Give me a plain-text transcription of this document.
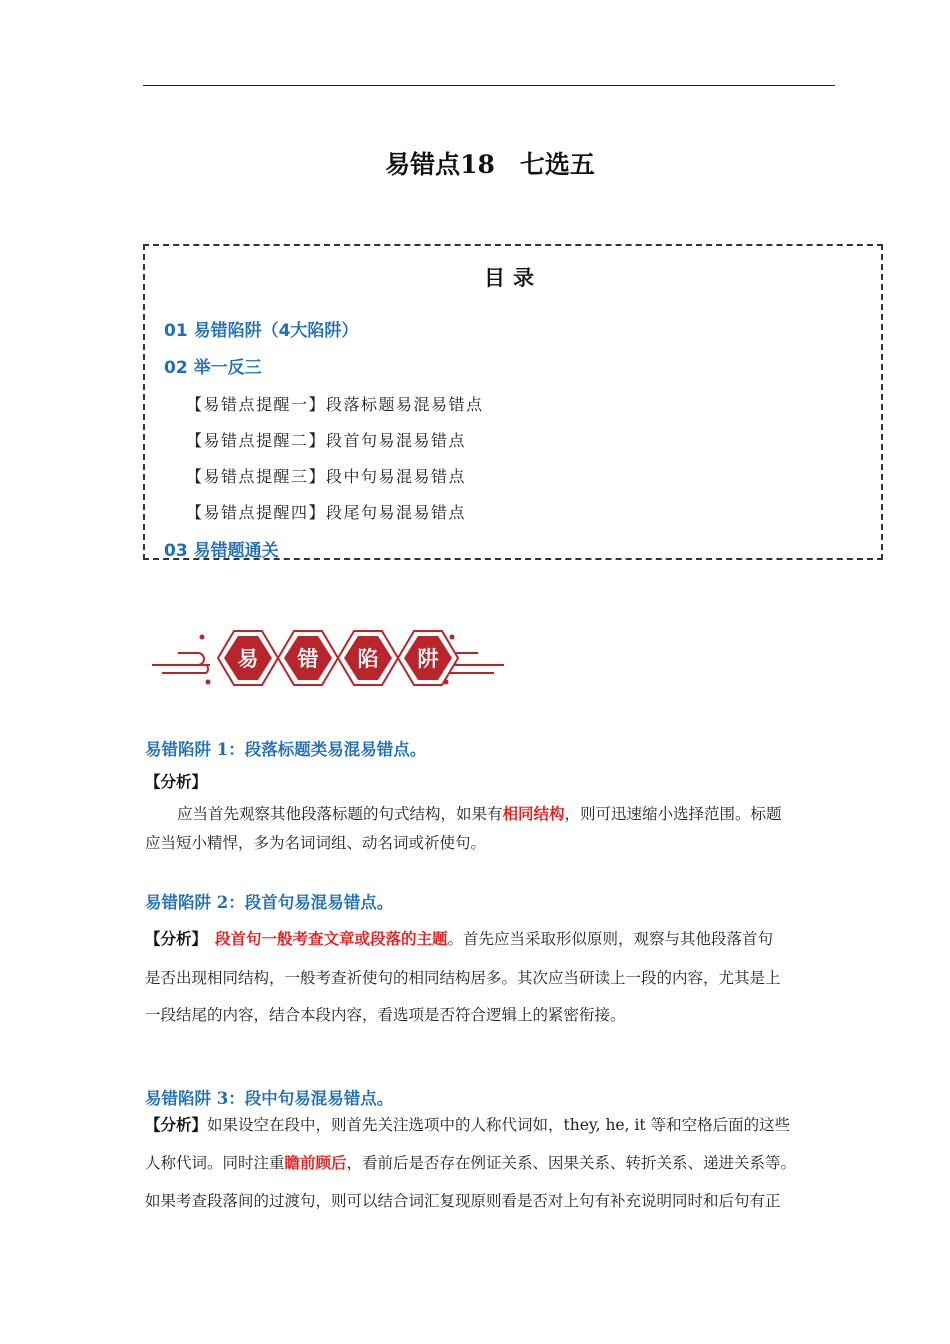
易错点18　七选五
目录
01 易错陷阱（4大陷阱）
02 举一反三
【易错点提醒一】段落标题易混易错点
【易错点提醒二】段首句易混易错点
【易错点提醒三】段中句易混易错点
【易错点提醒四】段尾句易混易错点
03 易错题通关
易 错 陷 阱
易错陷阱 1：段落标题类易混易错点。
【分析】
应当首先观察其他段落标题的句式结构，如果有相同结构，则可迅速缩小选择范围。标题
应当短小精悍，多为名词词组、动名词或祈使句。
易错陷阱 2：段首句易混易错点。
【分析】 段首句一般考查文章或段落的主题。首先应当采取形似原则，观察与其他段落首句
是否出现相同结构，一般考查祈使句的相同结构居多。其次应当研读上一段的内容，尤其是上
一段结尾的内容，结合本段内容，看选项是否符合逻辑上的紧密衔接。
易错陷阱 3：段中句易混易错点。
【分析】如果设空在段中，则首先关注选项中的人称代词如，they, he, it 等和空格后面的这些
人称代词。同时注重瞻前顾后，看前后是否存在例证关系、因果关系、转折关系、递进关系等。
如果考查段落间的过渡句，则可以结合词汇复现原则看是否对上句有补充说明同时和后句有正
